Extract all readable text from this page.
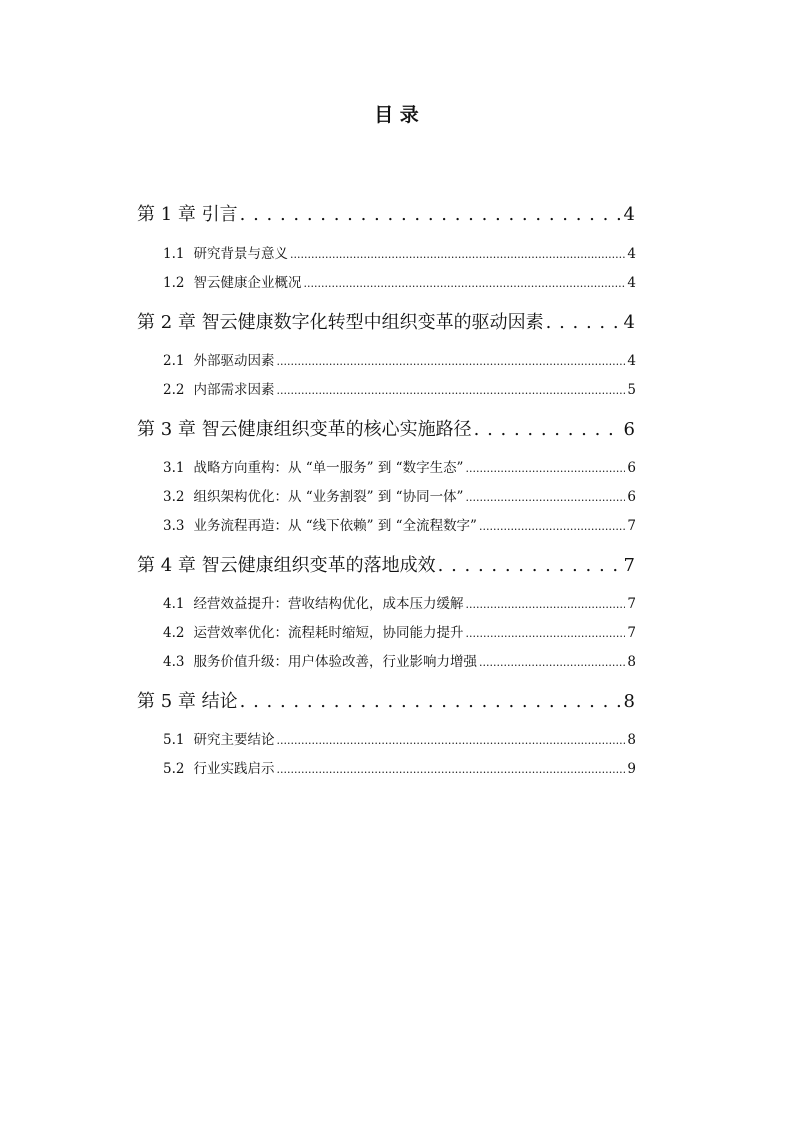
目 录
第 1 章 引言 . . .	4
1.1 研究背景与意义 .....	4
1.2 智云健康企业概况 .....	4
第 2 章 智云健康数字化转型中组织变革的驱动因素 . . .	4
2.1 外部驱动因素 .....	4
2.2 内部需求因素 .....	5
第 3 章 智云健康组织变革的核心实施路径 . . .	6
3.1 战略方向重构：从 “单一服务” 到 “数字生态” .....	6
3.2 组织架构优化：从 “业务割裂” 到 “协同一体” .....	6
3.3 业务流程再造：从 “线下依赖” 到 “全流程数字” .....	7
第 4 章 智云健康组织变革的落地成效 . . .	7
4.1 经营效益提升：营收结构优化，成本压力缓解 .....	7
4.2 运营效率优化：流程耗时缩短，协同能力提升 .....	7
4.3 服务价值升级：用户体验改善，行业影响力增强 .....	8
第 5 章 结论 . . .	8
5.1 研究主要结论 .....	8
5.2 行业实践启示 .....	9
